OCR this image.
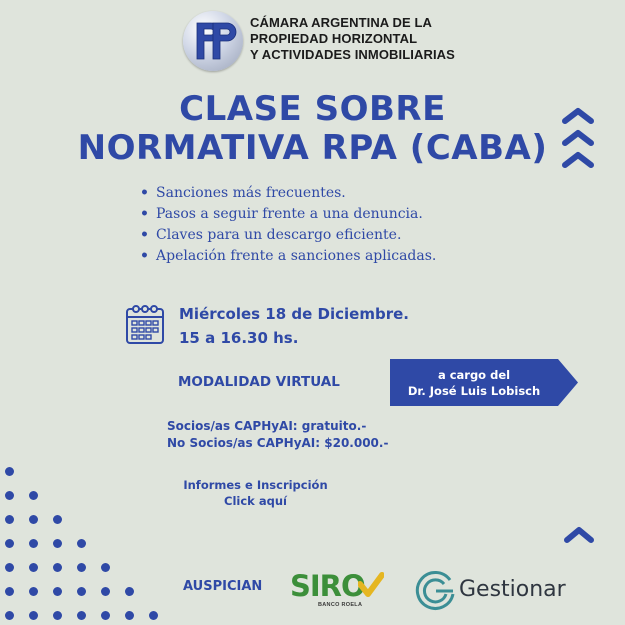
CÁMARA ARGENTINA DE LA
PROPIEDAD HORIZONTAL
Y ACTIVIDADES INMOBILIARIAS
CLASE SOBRE
NORMATIVA RPA (CABA)
• Sanciones más frecuentes.
• Pasos a seguir frente a una denuncia.
• Claves para un descargo eficiente.
• Apelación frente a sanciones aplicadas.
Miércoles 18 de Diciembre.
15 a 16.30 hs.
MODALIDAD VIRTUAL	a cargo del
Dr. José Luis Lobisch
Socios/as CAPHyAI: gratuito.-
No Socios/as CAPHyAI: $20.000.-
Informes e Inscripción
Click aquí
AUSPICIAN SIRO
BANCO ROELA
Gestionar
